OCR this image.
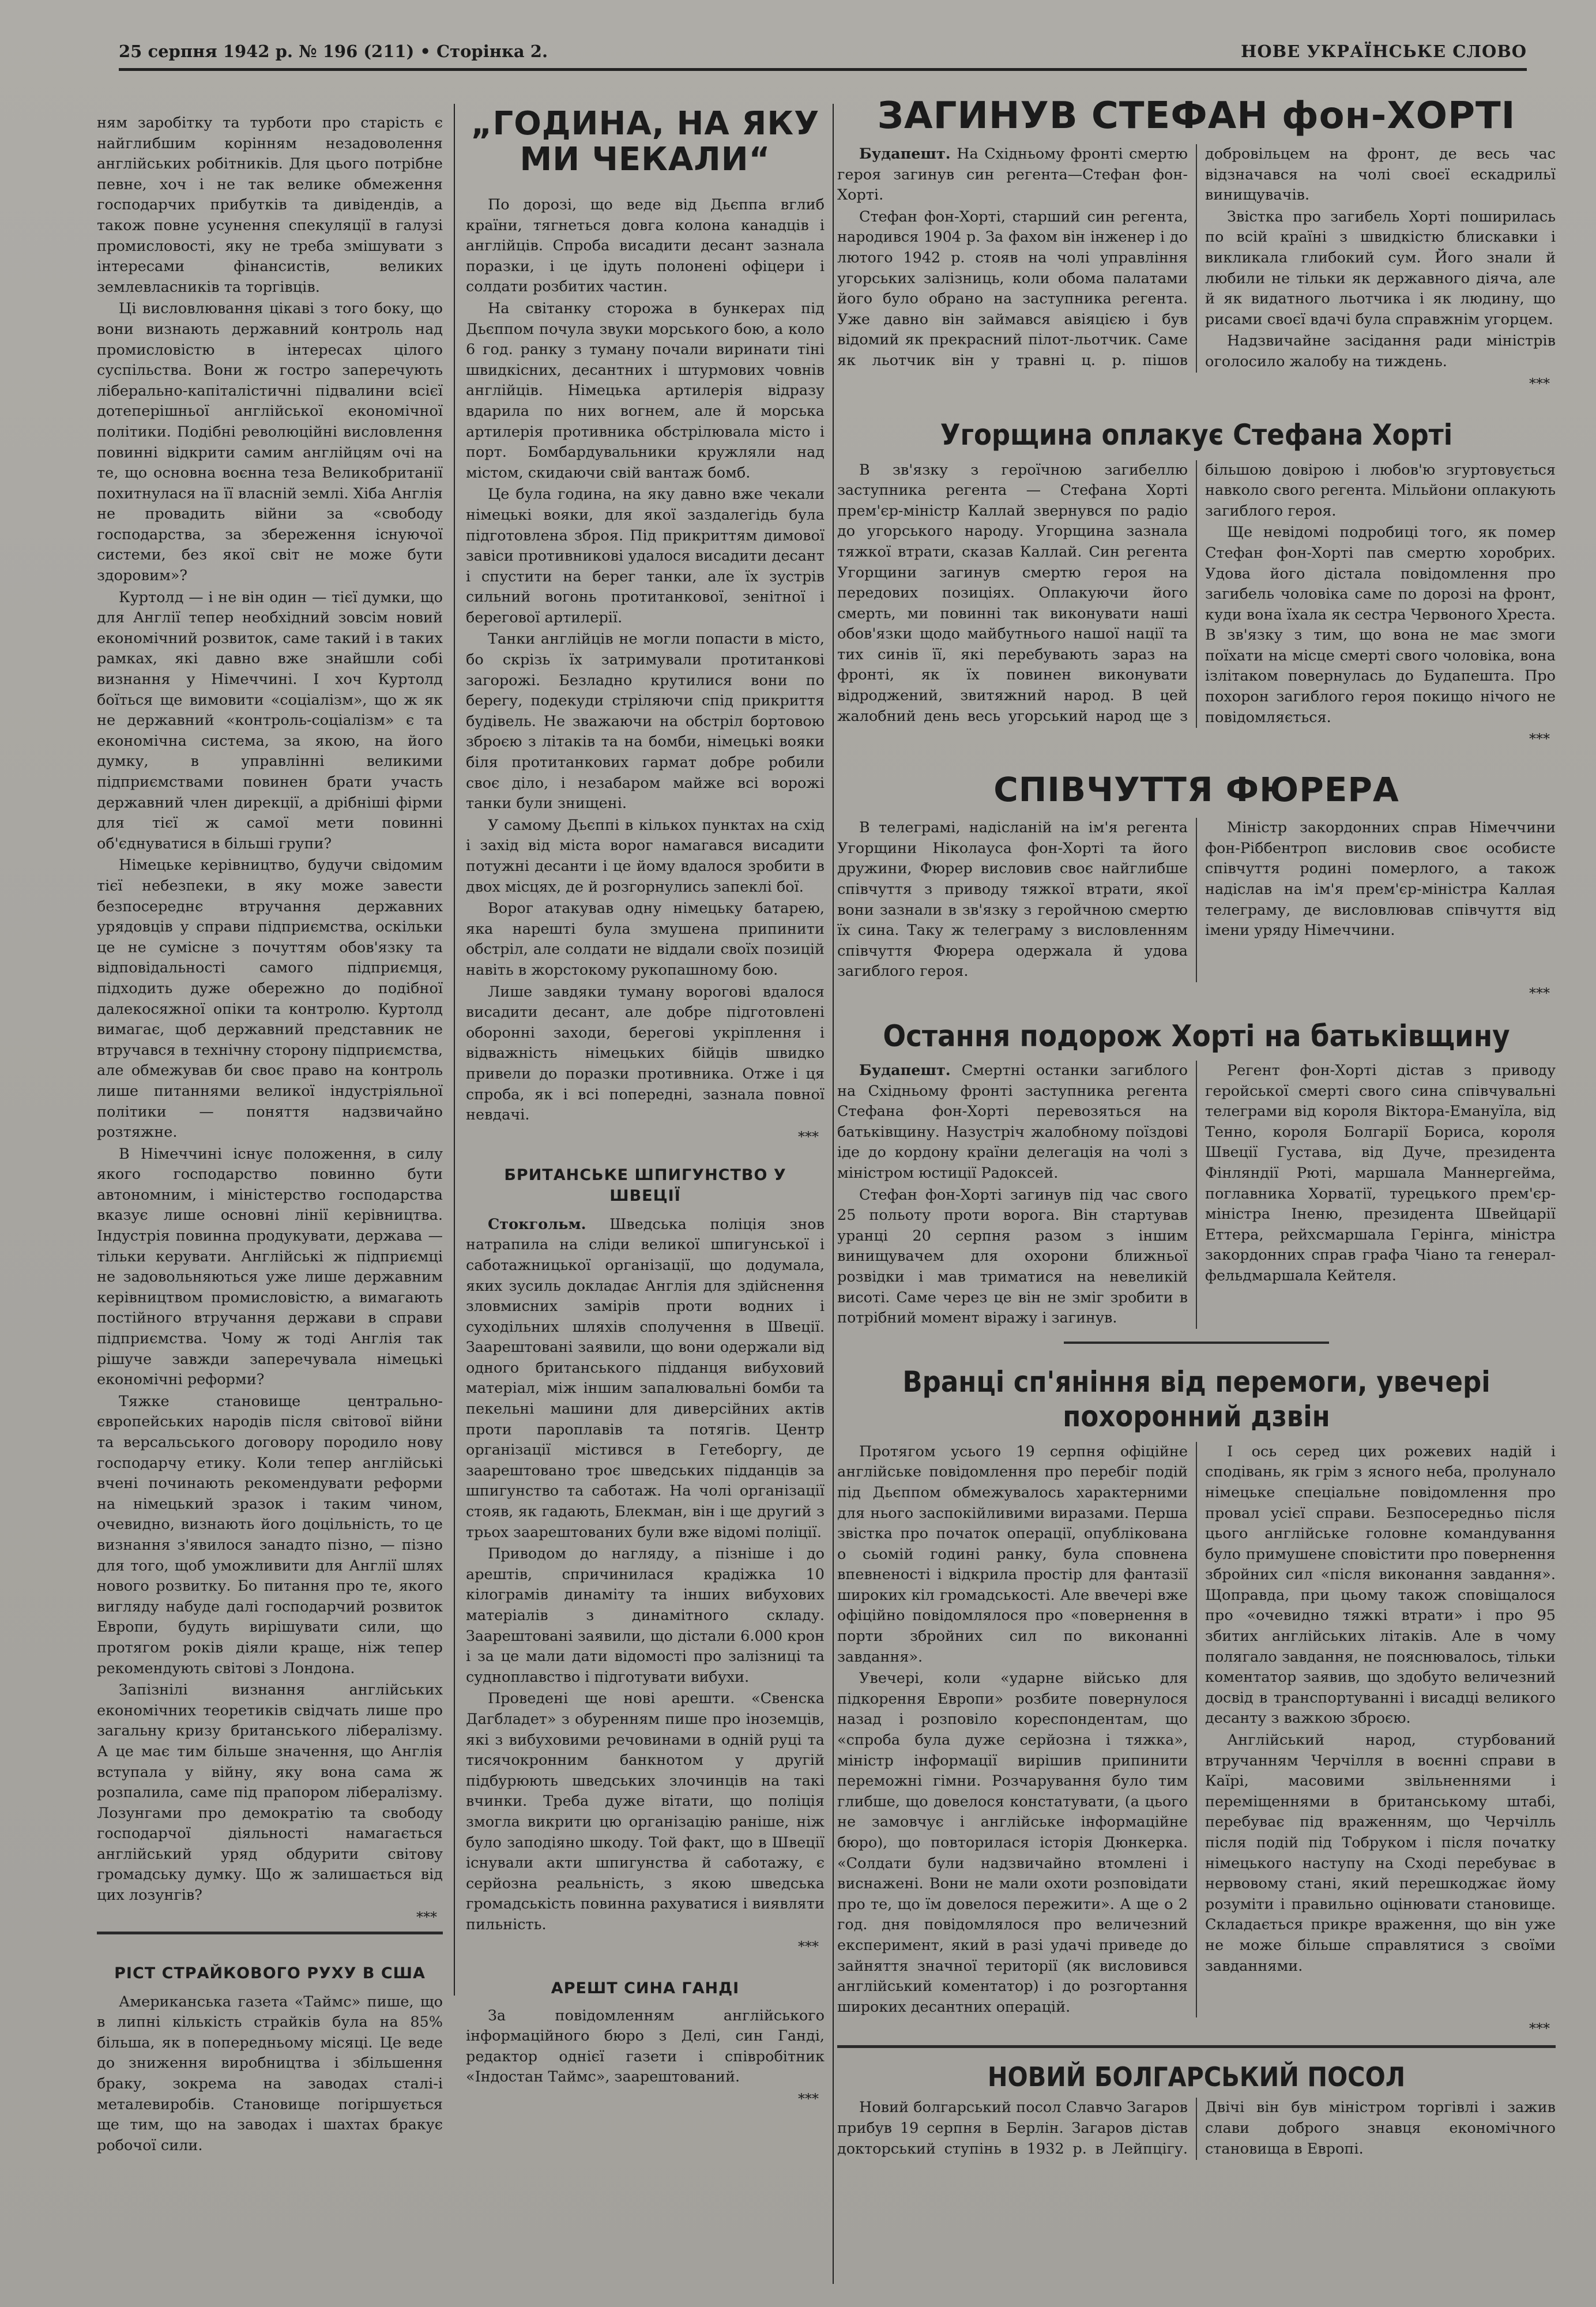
25 серпня 1942 р. № 196 (211) • Сторінка 2.	НОВЕ УКРАЇНСЬКЕ СЛОВО

ням заробітку та турботи про старість є найглибшим корінням незадоволення англійських робітників. Для цього потрібне певне, хоч і не так велике обмеження господарчих прибутків та дивідендів, а також повне усунення спекуляції в галузі промисловості, яку не треба змішувати з інтересами фінансистів, великих землевласників та торгівців.

Ці висловлювання цікаві з того боку, що вони визнають державний контроль над промисловістю в інтересах цілого суспільства. Вони ж гостро заперечують ліберально-капіталістичні підвалини всієї дотеперішньої англійської економічної політики. Подібні революційні висловлення повинні відкрити самим англійцям очі на те, що основна воєнна теза Великобританії похитнулася на її власній землі. Хіба Англія не провадить війни за «свободу господарства, за збереження існуючої системи, без якої світ не може бути здоровим»?

Куртолд — і не він один — тієї думки, що для Англії тепер необхідний зовсім новий економічний розвиток, саме такий і в таких рамках, які давно вже знайшли собі визнання у Німеччині. І хоч Куртолд боїться ще вимовити «соціалізм», що ж як не державний «контроль-соціалізм» є та економічна система, за якою, на його думку, в управлінні великими підприємствами повинен брати участь державний член дирекції, а дрібніші фірми для тієї ж самої мети повинні об'єднуватися в більші групи?

Німецьке керівництво, будучи свідомим тієї небезпеки, в яку може завести безпосереднє втручання державних урядовців у справи підприємства, оскільки це не сумісне з почуттям обов'язку та відповідальності самого підприємця, підходить дуже обережно до подібної далекосяжної опіки та контролю. Куртолд вимагає, щоб державний представник не втручався в технічну сторону підприємства, але обмежував би своє право на контроль лише питаннями великої індустріяльної політики — поняття надзвичайно розтяжне.

В Німеччині існує положення, в силу якого господарство повинно бути автономним, і міністерство господарства вказує лише основні лінії керівництва. Індустрія повинна продукувати, держава — тільки керувати. Англійські ж підприємці не задовольняються уже лише державним керівництвом промисловістю, а вимагають постійного втручання держави в справи підприємства. Чому ж тоді Англія так рішуче завжди заперечувала німецькі економічні реформи?

Тяжке становище центрально-європейських народів після світової війни та версальського договору породило нову господарчу етику. Коли тепер англійські вчені починають рекомендувати реформи на німецький зразок і таким чином, очевидно, визнають його доцільність, то це визнання з'явилося занадто пізно, — пізно для того, щоб уможливити для Англії шлях нового розвитку. Бо питання про те, якого вигляду набуде далі господарчий розвиток Европи, будуть вирішувати сили, що протягом років діяли краще, ніж тепер рекомендують світові з Лондона.

Запізнілі визнання англійських економічних теоретиків свідчать лише про загальну кризу британського лібералізму. А це має тим більше значення, що Англія вступала у війну, яку вона сама ж розпалила, саме під прапором лібералізму. Лозунгами про демократію та свободу господарчої діяльності намагається англійський уряд обдурити світову громадську думку. Що ж залишається від цих лозунгів?

***
РІСТ СТРАЙКОВОГО РУХУ В США

Американська газета «Таймс» пише, що в липні кількість страйків була на 85% більша, як в попередньому місяці. Це веде до зниження виробництва і збільшення браку, зокрема на заводах сталі-і металевиробів. Становище погіршується ще тим, що на заводах і шахтах бракує робочої сили.

„ГОДИНА, НА ЯКУ МИ ЧЕКАЛИ“

По дорозі, що веде від Дьєппа вглиб країни, тягнеться довга колона канадців і англійців. Спроба висадити десант зазнала поразки, і це ідуть полонені офіцери і солдати розбитих частин.

На світанку сторожа в бункерах під Дьєппом почула звуки морського бою, а коло 6 год. ранку з туману почали виринати тіні швидкісних, десантних і штурмових човнів англійців. Німецька артилерія відразу вдарила по них вогнем, але й морська артилерія противника обстрілювала місто і порт. Бомбардувальники кружляли над містом, скидаючи свій вантаж бомб.

Це була година, на яку давно вже чекали німецькі вояки, для якої заздалегідь була підготовлена зброя. Під прикриттям димової завіси противникові удалося висадити десант і спустити на берег танки, але їх зустрів сильний вогонь протитанкової, зенітної і берегової артилерії.

Танки англійців не могли попасти в місто, бо скрізь їх затримували протитанкові загорожі. Безладно крутилися вони по берегу, подекуди стріляючи спід прикриття будівель. Не зважаючи на обстріл бортовою зброєю з літаків та на бомби, німецькі вояки біля протитанкових гармат добре робили своє діло, і незабаром майже всі ворожі танки були знищені.

У самому Дьєппі в кількох пунктах на схід і захід від міста ворог намагався висадити потужні десанти і це йому вдалося зробити в двох місцях, де й розгорнулись запеклі бої.

Ворог атакував одну німецьку батарею, яка нарешті була змушена припинити обстріл, але солдати не віддали своїх позицій навіть в жорстокому рукопашному бою.

Лише завдяки туману ворогові вдалося висадити десант, але добре підготовлені оборонні заходи, берегові укріплення і відважність німецьких бійців швидко привели до поразки противника. Отже і ця спроба, як і всі попередні, зазнала повної невдачі.

***
БРИТАНСЬКЕ ШПИГУНСТВО У ШВЕЦІЇ

Стокгольм. Шведська поліція знов натрапила на сліди великої шпигунської і саботажницької організації, що додумала, яких зусиль докладає Англія для здійснення зловмисних замірів проти водних і суходільних шляхів сполучення в Швеції. Заарештовані заявили, що вони одержали від одного британського підданця вибуховий матеріал, між іншим запалювальні бомби та пекельні машини для диверсійних актів проти пароплавів та потягів. Центр організації містився в Гетеборгу, де заарештовано троє шведських підданців за шпигунство та саботаж. На чолі організації стояв, як гадають, Блекман, він і ще другий з трьох заарештованих були вже відомі поліції.

Приводом до нагляду, а пізніше і до арештів, спричинилася крадіжка 10 кілограмів динаміту та інших вибухових матеріалів з динамітного складу. Заарештовані заявили, що дістали 6.000 крон і за це мали дати відомості про залізниці та судноплавство і підготувати вибухи.

Проведені ще нові арешти. «Свенска Дагбладет» з обуренням пише про іноземців, які з вибуховими речовинами в одній руці та тисячокронним банкнотом у другій підбурюють шведських злочинців на такі вчинки. Треба дуже вітати, що поліція змогла викрити цю організацію раніше, ніж було заподіяно шкоду. Той факт, що в Швеції існували акти шпигунства й саботажу, є серйозна реальність, з якою шведська громадськість повинна рахуватися і виявляти пильність.

***
АРЕШТ СИНА ГАНДІ

За повідомленням англійського інформаційного бюро з Делі, син Ганді, редактор однієї газети і співробітник «Індостан Таймс», заарештований.

***
ЗАГИНУВ СТЕФАН фон-ХОРТІ

Будапешт. На Східньому фронті смертю героя загинув син регента—Стефан фон-Хорті.

Стефан фон-Хорті, старший син регента, народився 1904 р. За фахом він інженер і до лютого 1942 р. стояв на чолі управління угорських залізниць, коли обома палатами його було обрано на заступника регента. Уже давно він займався авіяцією і був відомий як прекрасний пілот-льотчик. Саме як льотчик він у травні ц. р. пішов добровільцем на фронт, де весь час відзначався на чолі своєї ескадрильї винищувачів.

Звістка про загибель Хорті поширилась по всій країні з швидкістю блискавки і викликала глибокий сум. Його знали й любили не тільки як державного діяча, але й як видатного льотчика і як людину, що рисами своєї вдачі була справжнім угорцем.

Надзвичайне засідання ради міністрів оголосило жалобу на тиждень.

***
Угорщина оплакує Стефана Хорті

В зв'язку з героїчною загибеллю заступника регента — Стефана Хорті прем'єр-міністр Каллай звернувся по радіо до угорського народу. Угорщина зазнала тяжкої втрати, сказав Каллай. Син регента Угорщини загинув смертю героя на передових позиціях. Оплакуючи його смерть, ми повинні так виконувати наші обов'язки щодо майбутнього нашої нації та тих синів її, які перебувають зараз на фронті, як їх повинен виконувати відроджений, звитяжний народ. В цей жалобний день весь угорський народ ще з більшою довірою і любов'ю згуртовується навколо свого регента. Мільйони оплакують загиблого героя.

Ще невідомі подробиці того, як помер Стефан фон-Хорті пав смертю хоробрих. Удова його дістала повідомлення про загибель чоловіка саме по дорозі на фронт, куди вона їхала як сестра Червоного Хреста. В зв'язку з тим, що вона не має змоги поїхати на місце смерті свого чоловіка, вона iзлітаком повернулась до Будапешта. Про похорон загиблого героя покищо нічого не повідомляється.

***
СПІВЧУТТЯ ФЮРЕРА

В телеграмі, надісланій на ім'я регента Угорщини Ніколауса фон-Хорті та його дружини, Фюрер висловив своє найглибше співчуття з приводу тяжкої втрати, якої вони зазнали в зв'язку з геройчною смертю їх сина. Таку ж телеграму з висловленням співчуття Фюрера одержала й удова загиблого героя.

Міністр закордонних справ Німеччини фон-Ріббентроп висловив своє особисте співчуття родині померлого, а також надіслав на ім'я прем'єр-міністра Каллая телеграму, де висловлював співчуття від імени уряду Німеччини.

***
Остання подорож Хорті на батьківщину

Будапешт. Смертні останки загиблого на Східньому фронті заступника регента Стефана фон-Хорті перевозяться на батьківщину. Назустріч жалобному поїздові іде до кордону країни делегація на чолі з міністром юстиції Радоксей.

Стефан фон-Хорті загинув під час свого 25 польоту проти ворога. Він стартував уранці 20 серпня разом з іншим винищувачем для охорони ближньої розвідки і мав триматися на невеликій висоті. Саме через це він не зміг зробити в потрібний момент віражу і загинув.

Регент фон-Хорті дістав з приводу геройської смерті свого сина співчувальні телеграми від короля Віктора-Емануїла, від Тенно, короля Болгарії Бориса, короля Швеції Густава, від Дуче, президента Фінляндії Рюті, маршала Маннергейма, поглавника Хорватії, турецького прем'єр-міністра Іненю, президента Швейцарії Еттера, рейхсмаршала Герінга, міністра закордонних справ графа Чіано та генерал-фельдмаршала Кейтеля.

Вранці сп'яніння від перемоги, увечері
похоронний дзвін

Протягом усього 19 серпня офіційне англійське повідомлення про перебіг подій під Дьєппом обмежувалось характерними для нього заспокійливими виразами. Перша звістка про початок операції, опублікована о сьомій годині ранку, була сповнена впевненості і відкрила простір для фантазії широких кіл громадськості. Але ввечері вже офіційно повідомлялося про «повернення в порти збройних сил по виконанні завдання».

Увечері, коли «ударне військо для підкорення Европи» розбите повернулося назад і розповіло кореспондентам, що «спроба була дуже серйозна і тяжка», міністр інформації вирішив припинити переможні гімни. Розчарування було тим глибше, що довелося констатувати, (а цього не замовчує і англійське інформаційне бюро), що повторилася історія Дюнкерка. «Солдати були надзвичайно втомлені і виснажені. Вони не мали охоти розповідати про те, що їм довелося пережити». А ще о 2 год. дня повідомлялося про величезний експеримент, який в разі удачі приведе до зайняття значної території (як висловився англійський коментатор) і до розгортання широких десантних операцій.

І ось серед цих рожевих надій і сподівань, як грім з ясного неба, пролунало німецьке спеціальне повідомлення про провал усієї справи. Безпосередньо після цього англійське головне командування було примушене сповістити про повернення збройних сил «після виконання завдання». Щоправда, при цьому також сповіщалося про «очевидно тяжкі втрати» і про 95 збитих англійських літаків. Але в чому полягало завдання, не пояснювалось, тільки коментатор заявив, що здобуто величезний досвід в транспортуванні і висадці великого десанту з важкою зброєю.

Англійський народ, стурбований втручанням Черчілля в воєнні справи в Каїрі, масовими звільненнями і переміщеннями в британському штабі, перебуває під враженням, що Черчілль після подій під Тобруком і після початку німецького наступу на Сході перебуває в нервовому стані, який перешкоджає йому розуміти і правильно оцінювати становище. Складається прикре враження, що він уже не може більше справлятися з своїми завданнями.

***
НОВИЙ БОЛГАРСЬКИЙ ПОСОЛ

Новий болгарський посол Славчо Загаров прибув 19 серпня в Берлін. Загаров дістав докторський ступінь в 1932 р. в Лейпцігу. Двічі він був міністром торгівлі і зажив слави доброго знавця економічного становища в Европі.
